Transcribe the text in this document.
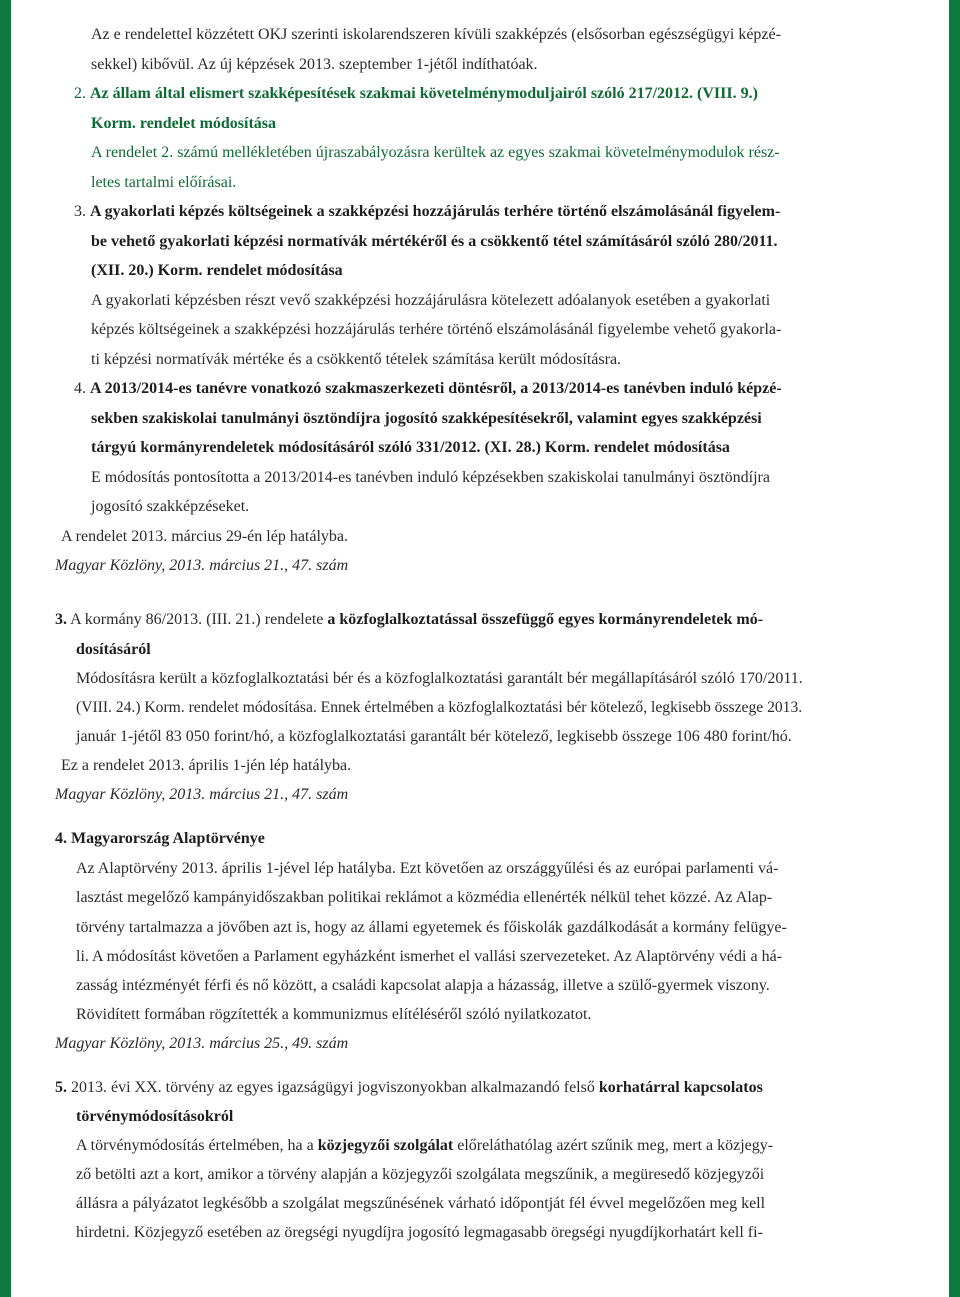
Az e rendelettel közzétett OKJ szerinti iskolarendszeren kívüli szakképzés (elsősorban egészségügyi képzé-

sekkel) kibővül. Az új képzések 2013. szeptember 1-jétől indíthatóak.

2. Az állam által elismert szakképesítések szakmai követelménymoduljairól szóló 217/2012. (VIII. 9.)

Korm. rendelet módosítása

A rendelet 2. számú mellékletében újraszabályozásra kerültek az egyes szakmai követelménymodulok rész-

letes tartalmi előírásai.

3. A gyakorlati képzés költségeinek a szakképzési hozzájárulás terhére történő elszámolásánál figyelem-

be vehető gyakorlati képzési normatívák mértékéről és a csökkentő tétel számításáról szóló 280/2011.

(XII. 20.) Korm. rendelet módosítása

A gyakorlati képzésben részt vevő szakképzési hozzájárulásra kötelezett adóalanyok esetében a gyakorlati

képzés költségeinek a szakképzési hozzájárulás terhére történő elszámolásánál figyelembe vehető gyakorla-

ti képzési normatívák mértéke és a csökkentő tételek számítása került módosításra.

4. A 2013/2014-es tanévre vonatkozó szakmaszerkezeti döntésről, a 2013/2014-es tanévben induló képzé-

sekben szakiskolai tanulmányi ösztöndíjra jogosító szakképesítésekről, valamint egyes szakképzési

tárgyú kormányrendeletek módosításáról szóló 331/2012. (XI. 28.) Korm. rendelet módosítása

E módosítás pontosította a 2013/2014-es tanévben induló képzésekben szakiskolai tanulmányi ösztöndíjra

jogosító szakképzéseket.

A rendelet 2013. március 29-én lép hatályba.

Magyar Közlöny, 2013. március 21., 47. szám

3. A kormány 86/2013. (III. 21.) rendelete a közfoglalkoztatással összefüggő egyes kormányrendeletek mó-

dosításáról

Módosításra került a közfoglalkoztatási bér és a közfoglalkoztatási garantált bér megállapításáról szóló 170/2011.

(VIII. 24.) Korm. rendelet módosítása. Ennek értelmében a közfoglalkoztatási bér kötelező, legkisebb összege 2013.

január 1-jétől 83 050 forint/hó, a közfoglalkoztatási garantált bér kötelező, legkisebb összege 106 480 forint/hó.

Ez a rendelet 2013. április 1-jén lép hatályba.

Magyar Közlöny, 2013. március 21., 47. szám

4. Magyarország Alaptörvénye

Az Alaptörvény 2013. április 1-jével lép hatályba. Ezt követően az országgyűlési és az európai parlamenti vá-

lasztást megelőző kampányidőszakban politikai reklámot a közmédia ellenérték nélkül tehet közzé. Az Alap-

törvény tartalmazza a jövőben azt is, hogy az állami egyetemek és főiskolák gazdálkodását a kormány felügye-

li. A módosítást követően a Parlament egyházként ismerhet el vallási szervezeteket. Az Alaptörvény védi a há-

zasság intézményét férfi és nő között, a családi kapcsolat alapja a házasság, illetve a szülő-gyermek viszony.

Rövidített formában rögzítették a kommunizmus elítéléséről szóló nyilatkozatot.

Magyar Közlöny, 2013. március 25., 49. szám

5. 2013. évi XX. törvény az egyes igazságügyi jogviszonyokban alkalmazandó felső korhatárral kapcsolatos

törvénymódosításokról

A törvénymódosítás értelmében, ha a közjegyzői szolgálat előreláthatólag azért szűnik meg, mert a közjegy-

ző betölti azt a kort, amikor a törvény alapján a közjegyzői szolgálata megszűnik, a megüresedő közjegyzői

állásra a pályázatot legkésőbb a szolgálat megszűnésének várható időpontját fél évvel megelőzően meg kell

hirdetni. Közjegyző esetében az öregségi nyugdíjra jogosító legmagasabb öregségi nyugdíjkorhatárt kell fi-
